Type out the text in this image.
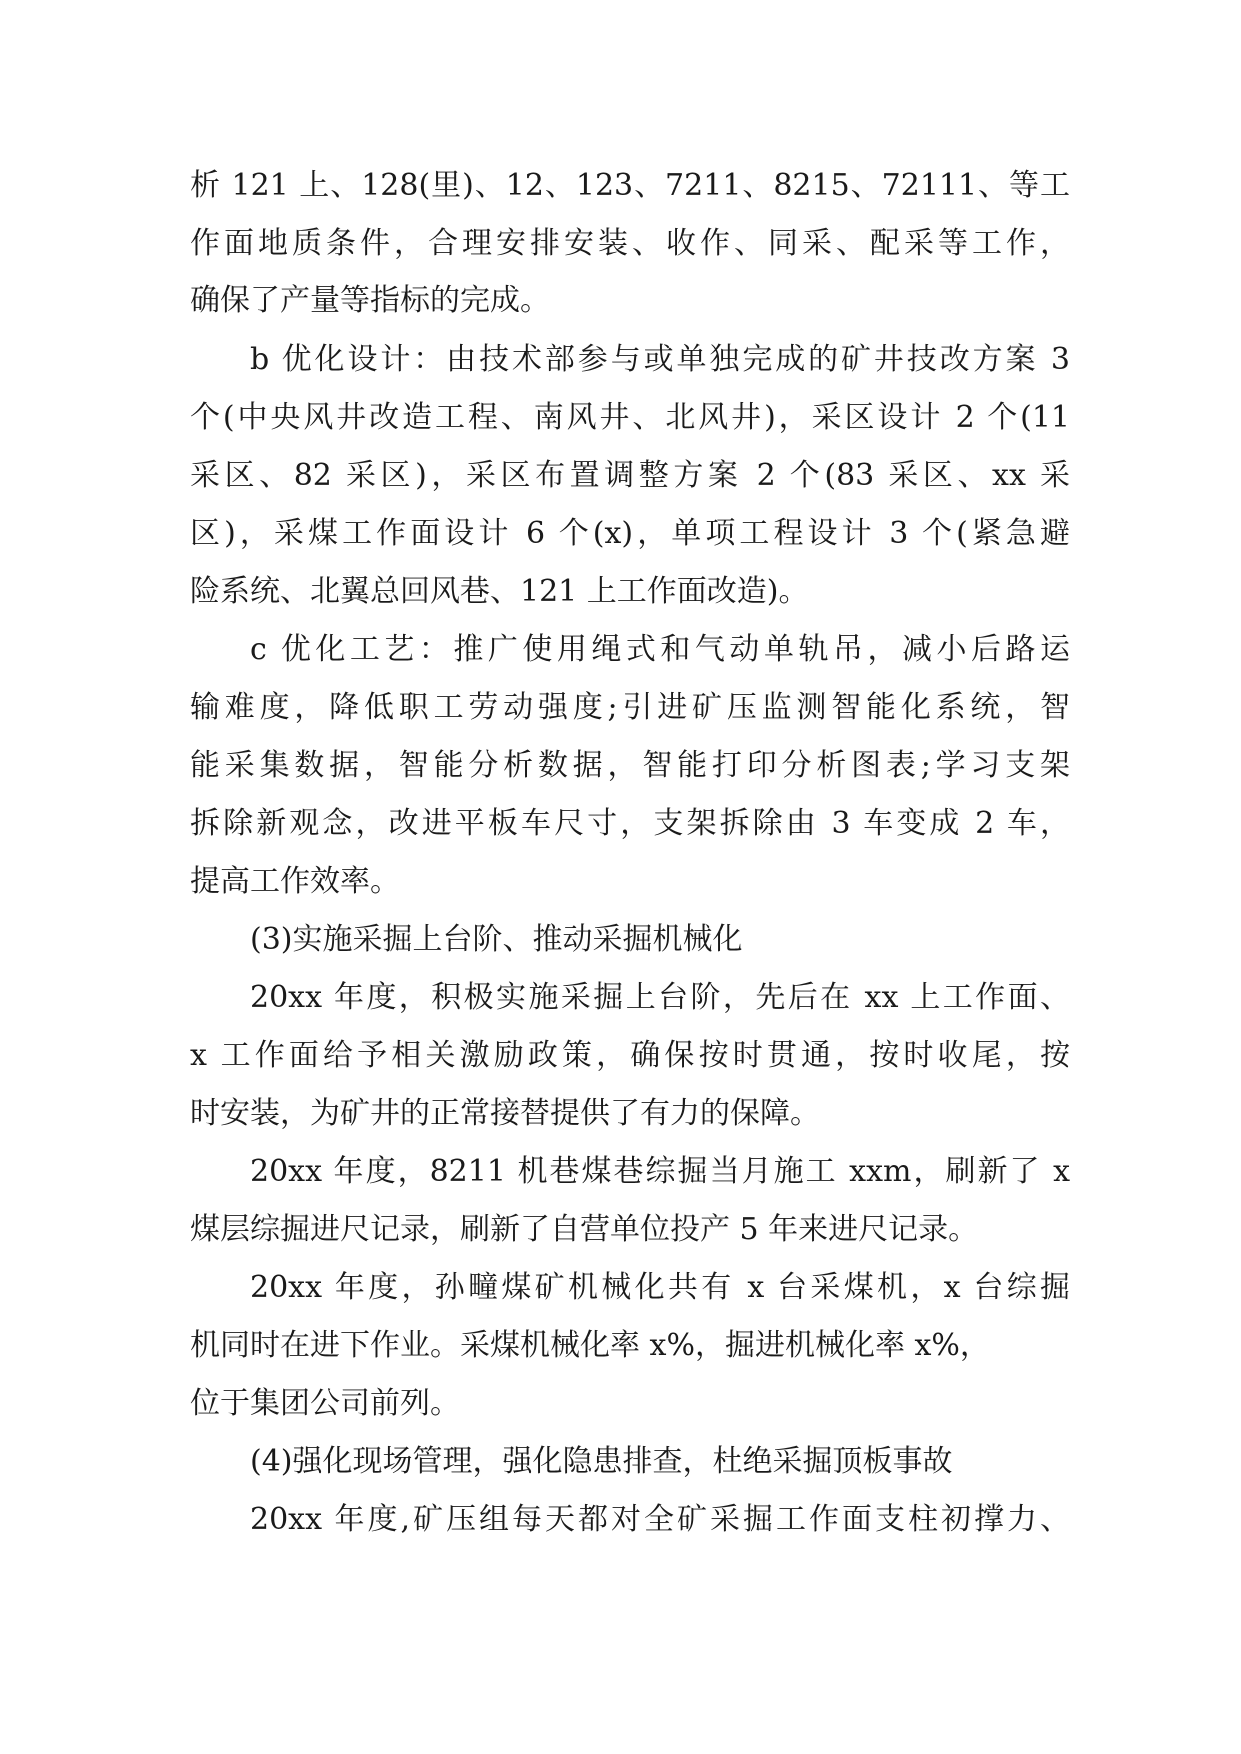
析 121 上、128(里)、12、123、7211、8215、72111、等工

作面地质条件，合理安排安装、收作、同采、配采等工作，

确保了产量等指标的完成。

b 优化设计：由技术部参与或单独完成的矿井技改方案 3

个(中央风井改造工程、南风井、北风井)，采区设计 2 个(11

采区、82 采区)，采区布置调整方案 2 个(83 采区、xx 采

区)，采煤工作面设计 6 个(x)，单项工程设计 3 个(紧急避

险系统、北翼总回风巷、121 上工作面改造)。

c 优化工艺：推广使用绳式和气动单轨吊，减小后路运

输难度，降低职工劳动强度;引进矿压监测智能化系统，智

能采集数据，智能分析数据，智能打印分析图表;学习支架

拆除新观念，改进平板车尺寸，支架拆除由 3 车变成 2 车，

提高工作效率。

(3)实施采掘上台阶、推动采掘机械化

20xx 年度，积极实施采掘上台阶，先后在 xx 上工作面、

x 工作面给予相关激励政策，确保按时贯通，按时收尾，按

时安装，为矿井的正常接替提供了有力的保障。

20xx 年度，8211 机巷煤巷综掘当月施工 xxm，刷新了 x

煤层综掘进尺记录，刷新了自营单位投产 5 年来进尺记录。

20xx 年度，孙疃煤矿机械化共有 x 台采煤机，x 台综掘

机同时在进下作业。采煤机械化率 x%，掘进机械化率 x%，

位于集团公司前列。

(4)强化现场管理，强化隐患排查，杜绝采掘顶板事故

20xx 年度,矿压组每天都对全矿采掘工作面支柱初撑力、
